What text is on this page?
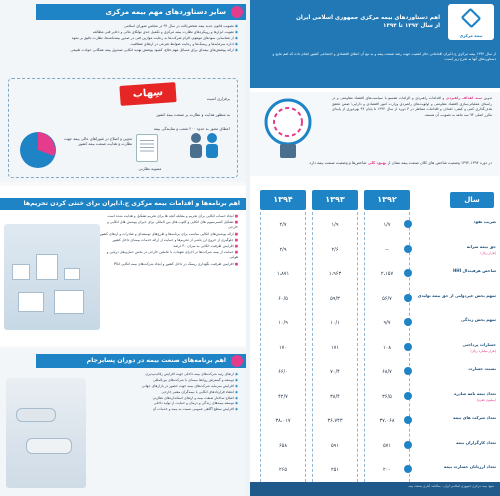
سایر دستاوردهای مهم بیمه مرکزی

◉ تصویب قانون جدید بیمه شخص‌ثالث در سال ۹۴ در مجلس شورای اسلامی

◉ تقویت ابزارها و رویکردهای نظارت بیمه مرکزی و تکمیل جدی تولکای مالی و ذخایر فنی مطالعه

◉ از شناسایی سودهای موهوم، الزام شرکت‌ها به رعایت موازین فنی در صدور بیمه‌نامه‌ها، نظارت دقیق بر نحوه

◉ اداره سرمایه‌ها و ریسک‌ها و رعایت ضوابط شرعی در ارتقای شفافیت

◉ ارائه پوشش‌های بیمه‌ای برای مسائل مهم دفاع، کمبود پوشش تهدید اتکایی صندوق بیمه همگانی حوادث طبیعی

سِهاب	برقراری امنیت
به منظور هدایت و نظارت بر صنعت بیمه کشور
اعطای مجوز به حدود ۲۰۰ شعب و نمایندگی بیمه
تدوین و اصلاح در شوراهای عالی بیمه جهت نظارت و هدایت صنعت بیمه کشور
مصوبه نظارتی
اهم برنامه‌ها و اقدامات بیمه مرکزی ج.ا.ایران برای خنثی کردن تحریم‌ها

■ ایجاد حساب اتکایی برای تحریم و مقابله آنچه ها برای تحریم تشکیل و هدایت شده است

■ تشکیل کنسرسیوم های اتکایی و کلوب های بین المللی برای جبران پوشش های اتکایی و خارجی

■ ارائه پوشش‌های اتکایی مناسب برای برنامه‌ها و طرح‌های توسعه‌ای و صادرات و ارتقای کشور

■ جلوگیری از خروج ارز ناشی از تحریم‌ها و حمایت از ارائه خدمات بیمه‌ای داخل کشور

■ افزایش ظرفیت اتکایی به میزان ۳۰ درصد

■ حمایت از بیمه شرکت‌ها در اجرای تعهدات با عاملین خارجی در بخش حمل‌ونقل دریایی و هوایی

■ افزایش ظرفیت نگهداری ریسک در داخل کشور و ایجاد شرکت‌های بیمه اتکایی P&I

اهم برنامه‌های صنعت بیمه در دوران پسابرجام

◉ ارتقای رتبه شرکت‌های بیمه داخلی جهت افزایش رقابت‌پذیری

◉ توسعه و گسترش روابط بیمه‌ای با شرکت‌های بین‌المللی

◉ افزایش سرمایه شرکت‌های بیمه جهت حضور در بازارهای جهانی

◉ انعقاد قراردادهای اتکایی با بیمه‌گران معتبر خارجی

◉ اصلاح ساختار صنعت بیمه و ارتقای استانداردهای نظارتی

◉ توسعه بیمه‌های زندگی و درمان و حمایت از تولید داخلی

◉ افزایش سطح آگاهی عمومی نسبت به بیمه و خدمات آن

بیمه مرکزی
اهم دستاوردهای بیمه مرکزی جمهوری اسلامی ایران
از سال ۱۳۹۲ تا ۱۳۹۴
از سال ۱۳۹۲ بیمه مرکزی ج.ا.ایران اقداماتی حائز اهمیت جهت رشد صنعت بیمه و به تبع آن اعتلای اقتصادی و اجتماعی کشور انجام داده که اهم نتایج و دستاوردهای آنها به شرح زیر است:
تدوین سند اهداف راهبردی و اقدامات راهبردی و الزامات همسو با سیاست‌های اقتصاد مقاومتی و در راستای عملیاتی‌سازی اقتصاد مقاومتی و اولویت‌های راهبردی وزارت امور اقتصادی و دارایی؛ ضمن تحقق هدف‌گذاری کمی و کیفی، اهداف و اقدامات متناظر در ۳ دوره از سال ۱۳۹۲ تا پایان ۹۴ بهره‌وری از پایه‌ای مکرر اصلی ۹۴ سه ماهه به تصویب آن هستند.
در دوره ۱۳۹۴-۱۳۹۲ وضعیت شاخص های کلان صنعت بیمه نشان از بهبود کلی شاخص‌ها و وضعیت صنعت بیمه دارد.
۱۳۹۴	۱۳۹۳	۱۳۹۲	سال
ضریب نفوذ
۲/۷	۱/۹	۱/۷
حق بیمه سرانه
(هزار ریال)
۲/۹	۲/۶	--
شاخص هرفیندال HHI
۱،۸۷۱	۱،۹۶۳	۲،۱۵۷
سهم بخش غیردولتی از حق بیمه تولیدی
۶۰/۵	۵۹/۳	۵۶/۷
سهم بخش زندگی
۱۰/۹	۱۰/۱	۹/۷
خسارات پرداختی
(هزار میلیارد ریال)
۱۷۰	۱۷۱	۱۰۸
نسبت خسارت
۶۶/۰	۷۰/۴	۶۸/۷
تعداد بیمه نامه صادره
(میلیون فقره)
۴۲/۷	۳۸/۴	۳۶/۵
تعداد شرکت های بیمه
۳۸،۰۱۷	۳۶،۷۴۳	۳۷،۰۶۸
تعداد کارگزاران بیمه
۶۵۸	۵۹۱	۵۷۱
تعداد ارزیابان خسارت بیمه
۲۶۵	۲۵۱	۲۰۰
منبع: بیمه مرکزی جمهوری اسلامی ایران - سالنامه آماری صنعت بیمه
